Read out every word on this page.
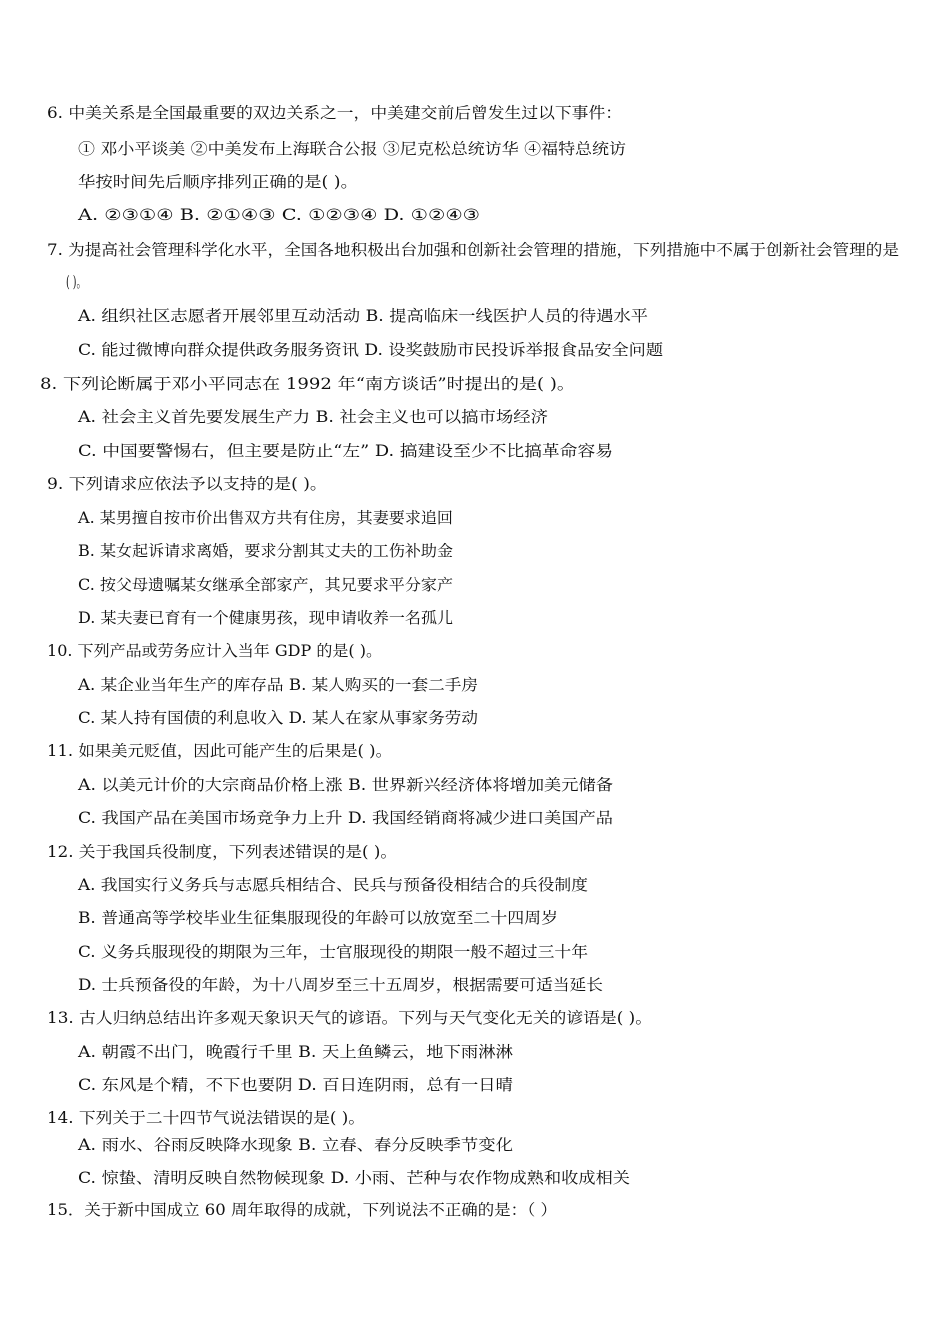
6. 中美关系是全国最重要的双边关系之一，中美建交前后曾发生过以下事件：
① 邓小平谈美 ②中美发布上海联合公报 ③尼克松总统访华 ④福特总统访
华按时间先后顺序排列正确的是( )。
A. ②③①④ B. ②①④③ C. ①②③④ D. ①②④③
7. 为提高社会管理科学化水平，全国各地积极出台加强和创新社会管理的措施，下列措施中不属于创新社会管理的是
( )。
A. 组织社区志愿者开展邻里互动活动 B. 提高临床一线医护人员的待遇水平
C. 能过微博向群众提供政务服务资讯 D. 设奖鼓励市民投诉举报食品安全问题
8. 下列论断属于邓小平同志在 1992 年“南方谈话”时提出的是( )。
A. 社会主义首先要发展生产力 B. 社会主义也可以搞市场经济
C. 中国要警惕右，但主要是防止“左” D. 搞建设至少不比搞革命容易
9. 下列请求应依法予以支持的是( )。
A. 某男擅自按市价出售双方共有住房，其妻要求追回
B. 某女起诉请求离婚，要求分割其丈夫的工伤补助金
C. 按父母遗嘱某女继承全部家产，其兄要求平分家产
D. 某夫妻已育有一个健康男孩，现申请收养一名孤儿
10. 下列产品或劳务应计入当年 GDP 的是( )。
A. 某企业当年生产的库存品 B. 某人购买的一套二手房
C. 某人持有国债的利息收入 D. 某人在家从事家务劳动
11. 如果美元贬值，因此可能产生的后果是( )。
A. 以美元计价的大宗商品价格上涨 B. 世界新兴经济体将增加美元储备
C. 我国产品在美国市场竞争力上升 D. 我国经销商将减少进口美国产品
12. 关于我国兵役制度，下列表述错误的是( )。
A. 我国实行义务兵与志愿兵相结合、民兵与预备役相结合的兵役制度
B. 普通高等学校毕业生征集服现役的年龄可以放宽至二十四周岁
C. 义务兵服现役的期限为三年，士官服现役的期限一般不超过三十年
D. 士兵预备役的年龄，为十八周岁至三十五周岁，根据需要可适当延长
13. 古人归纳总结出许多观天象识天气的谚语。下列与天气变化无关的谚语是( )。
A. 朝霞不出门，晚霞行千里 B. 天上鱼鳞云，地下雨淋淋
C. 东风是个精，不下也要阴 D. 百日连阴雨，总有一日晴
14. 下列关于二十四节气说法错误的是( )。
A. 雨水、谷雨反映降水现象 B. 立春、春分反映季节变化
C. 惊蛰、清明反映自然物候现象 D. 小雨、芒种与农作物成熟和收成相关
15．关于新中国成立 60 周年取得的成就，下列说法不正确的是：（ ）
